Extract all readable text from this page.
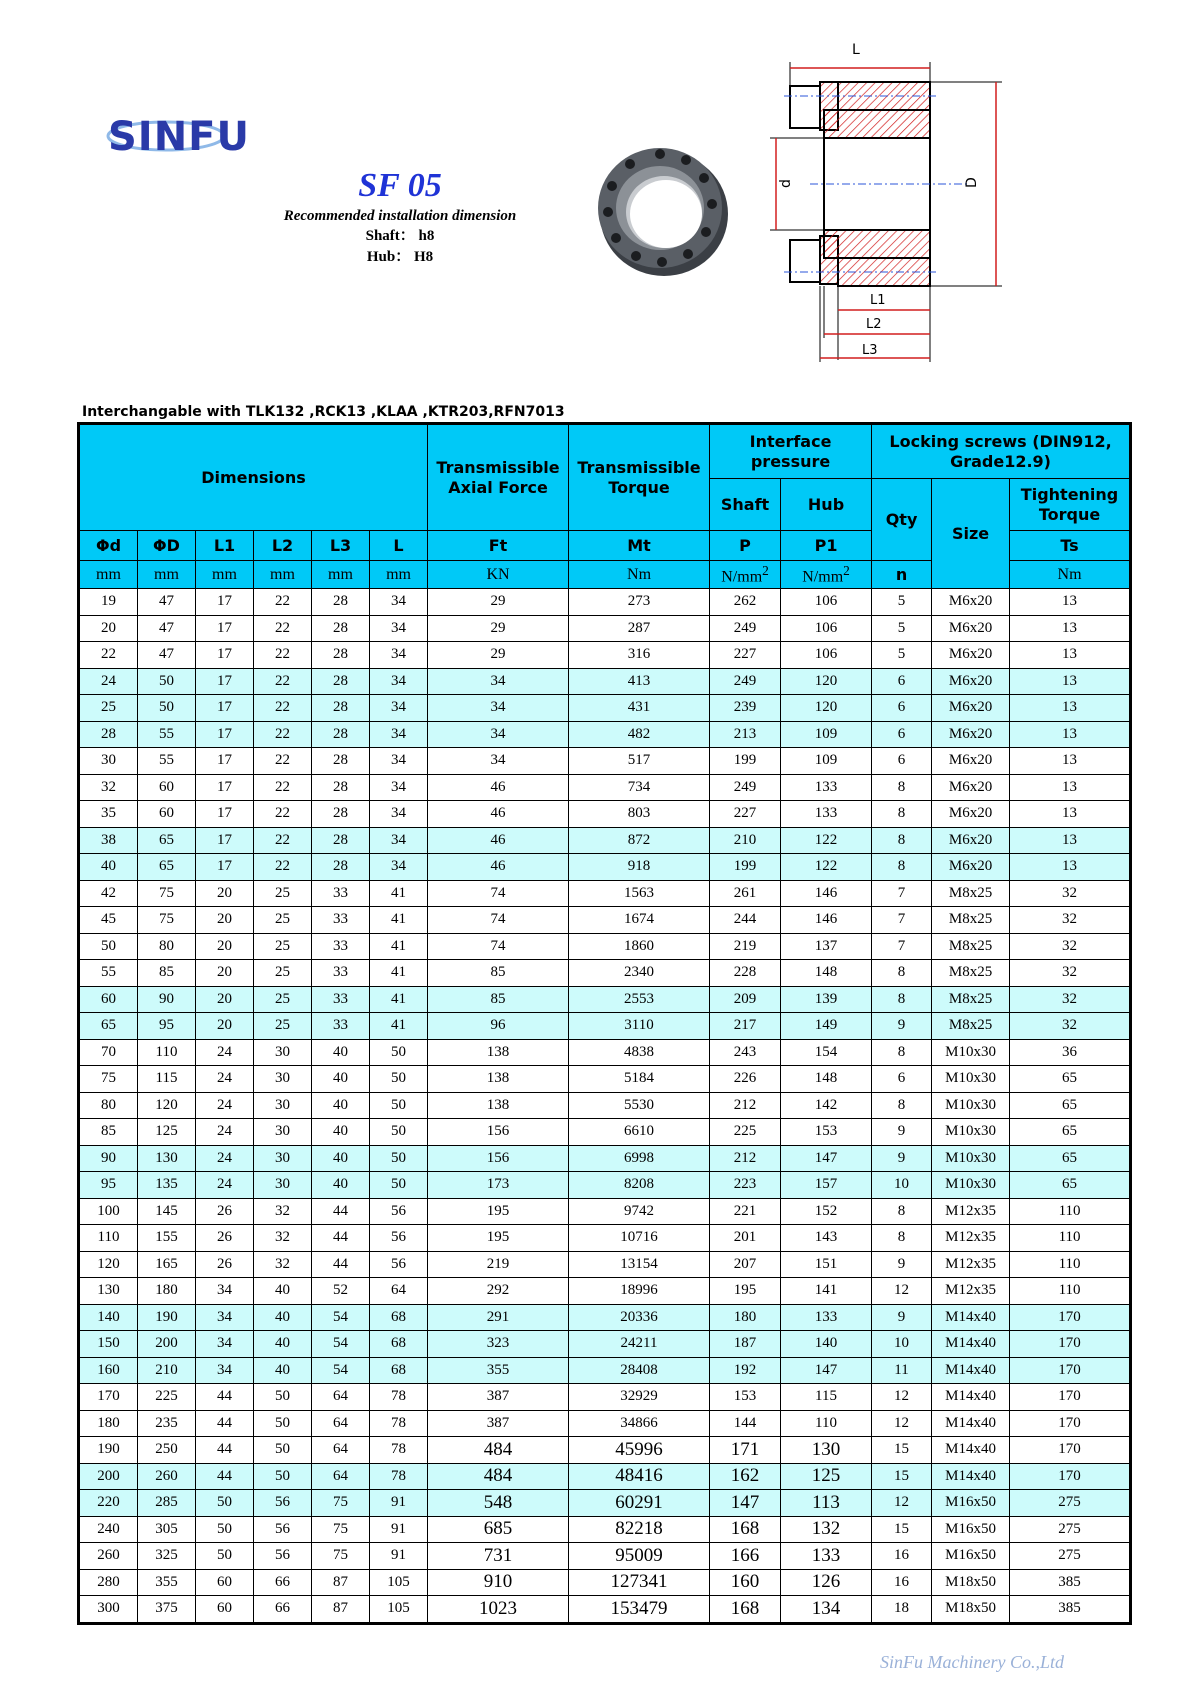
SINFU
SF 05
Recommended installation dimension
Shaft： h8
Hub： H8
L
d	D
L1
L2
L3
Interchangable with TLK132 ,RCK13 ,KLAA ,KTR203,RFN7013
Dimensions						Transmissible Axial Force	Transmissible Torque	Interface pressure		Locking screws (DIN912, Grade12.9)		
								Shaft	Hub	Qty	Size	Tightening Torque

Φd	ΦD	L1	L2	L3	L	Ft	Mt	P	P1			Ts
mm	mm	mm	mm	mm	mm	KN	Nm	$N/mm^2$	$N/mm^2$	n		Nm
19	47	17	22	28	34	29	273	262	106	5	M6x20	13
20	47	17	22	28	34	29	287	249	106	5	M6x20	13
22	47	17	22	28	34	29	316	227	106	5	M6x20	13
24	50	17	22	28	34	34	413	249	120	6	M6x20	13
25	50	17	22	28	34	34	431	239	120	6	M6x20	13
28	55	17	22	28	34	34	482	213	109	6	M6x20	13
30	55	17	22	28	34	34	517	199	109	6	M6x20	13
32	60	17	22	28	34	46	734	249	133	8	M6x20	13
35	60	17	22	28	34	46	803	227	133	8	M6x20	13
38	65	17	22	28	34	46	872	210	122	8	M6x20	13
40	65	17	22	28	34	46	918	199	122	8	M6x20	13
42	75	20	25	33	41	74	1563	261	146	7	M8x25	32
45	75	20	25	33	41	74	1674	244	146	7	M8x25	32
50	80	20	25	33	41	74	1860	219	137	7	M8x25	32
55	85	20	25	33	41	85	2340	228	148	8	M8x25	32
60	90	20	25	33	41	85	2553	209	139	8	M8x25	32
65	95	20	25	33	41	96	3110	217	149	9	M8x25	32
70	110	24	30	40	50	138	4838	243	154	8	M10x30	36
75	115	24	30	40	50	138	5184	226	148	6	M10x30	65
80	120	24	30	40	50	138	5530	212	142	8	M10x30	65
85	125	24	30	40	50	156	6610	225	153	9	M10x30	65
90	130	24	30	40	50	156	6998	212	147	9	M10x30	65
95	135	24	30	40	50	173	8208	223	157	10	M10x30	65
100	145	26	32	44	56	195	9742	221	152	8	M12x35	110
110	155	26	32	44	56	195	10716	201	143	8	M12x35	110
120	165	26	32	44	56	219	13154	207	151	9	M12x35	110
130	180	34	40	52	64	292	18996	195	141	12	M12x35	110
140	190	34	40	54	68	291	20336	180	133	9	M14x40	170
150	200	34	40	54	68	323	24211	187	140	10	M14x40	170
160	210	34	40	54	68	355	28408	192	147	11	M14x40	170
170	225	44	50	64	78	387	32929	153	115	12	M14x40	170
180	235	44	50	64	78	387	34866	144	110	12	M14x40	170
190	250	44	50	64	78	484	45996	171	130	15	M14x40	170
200	260	44	50	64	78	484	48416	162	125	15	M14x40	170
220	285	50	56	75	91	548	60291	147	113	12	M16x50	275
240	305	50	56	75	91	685	82218	168	132	15	M16x50	275
260	325	50	56	75	91	731	95009	166	133	16	M16x50	275
280	355	60	66	87	105	910	127341	160	126	16	M18x50	385
300	375	60	66	87	105	1023	153479	168	134	18	M18x50	385
SinFu Machinery Co.,Ltd
